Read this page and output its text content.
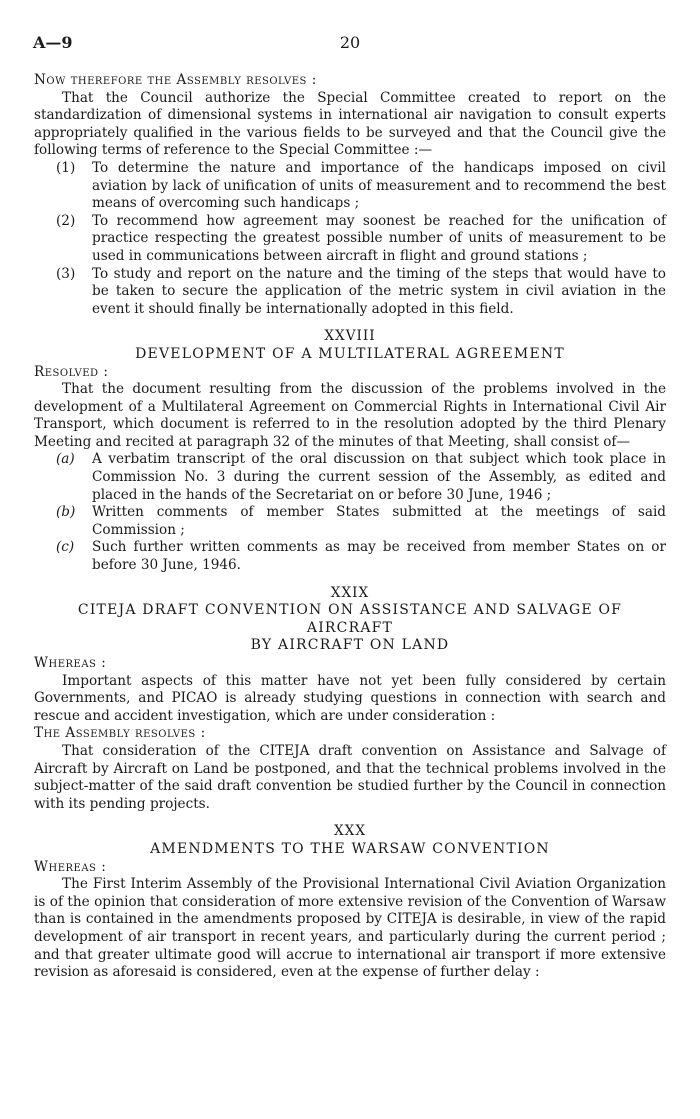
A—9	20

Now therefore the Assembly resolves :

That the Council authorize the Special Committee created to report on the standardization of dimensional systems in international air navigation to consult experts appropriately qualified in the various fields to be surveyed and that the Council give the following terms of reference to the Special Committee :—

(1) To determine the nature and importance of the handicaps imposed on civil aviation by lack of unification of units of measurement and to recommend the best means of overcoming such handicaps ;
(2) To recommend how agreement may soonest be reached for the unification of practice respecting the greatest possible number of units of measurement to be used in communications between aircraft in flight and ground stations ;
(3) To study and report on the nature and the timing of the steps that would have to be taken to secure the application of the metric system in civil aviation in the event it should finally be internationally adopted in this field.

XXVIII

DEVELOPMENT OF A MULTILATERAL AGREEMENT

Resolved :

That the document resulting from the discussion of the problems involved in the development of a Multilateral Agreement on Commercial Rights in International Civil Air Transport, which document is referred to in the resolution adopted by the third Plenary Meeting and recited at paragraph 32 of the minutes of that Meeting, shall consist of—

(a) A verbatim transcript of the oral discussion on that subject which took place in Commission No. 3 during the current session of the Assembly, as edited and placed in the hands of the Secretariat on or before 30 June, 1946 ;
(b) Written comments of member States submitted at the meetings of said Commission ;
(c) Such further written comments as may be received from member States on or before 30 June, 1946.

XXIX

CITEJA DRAFT CONVENTION ON ASSISTANCE AND SALVAGE OF AIRCRAFT

BY AIRCRAFT ON LAND

Whereas :

Important aspects of this matter have not yet been fully considered by certain Governments, and PICAO is already studying questions in connection with search and rescue and accident investigation, which are under consideration :

The Assembly resolves :

That consideration of the CITEJA draft convention on Assistance and Salvage of Aircraft by Aircraft on Land be postponed, and that the technical problems involved in the subject-matter of the said draft convention be studied further by the Council in connection with its pending projects.

XXX

AMENDMENTS TO THE WARSAW CONVENTION

Whereas :

The First Interim Assembly of the Provisional International Civil Aviation Organization is of the opinion that consideration of more extensive revision of the Convention of Warsaw than is contained in the amendments proposed by CITEJA is desirable, in view of the rapid development of air transport in recent years, and particularly during the current period ; and that greater ultimate good will accrue to international air transport if more extensive revision as aforesaid is considered, even at the expense of further delay :
